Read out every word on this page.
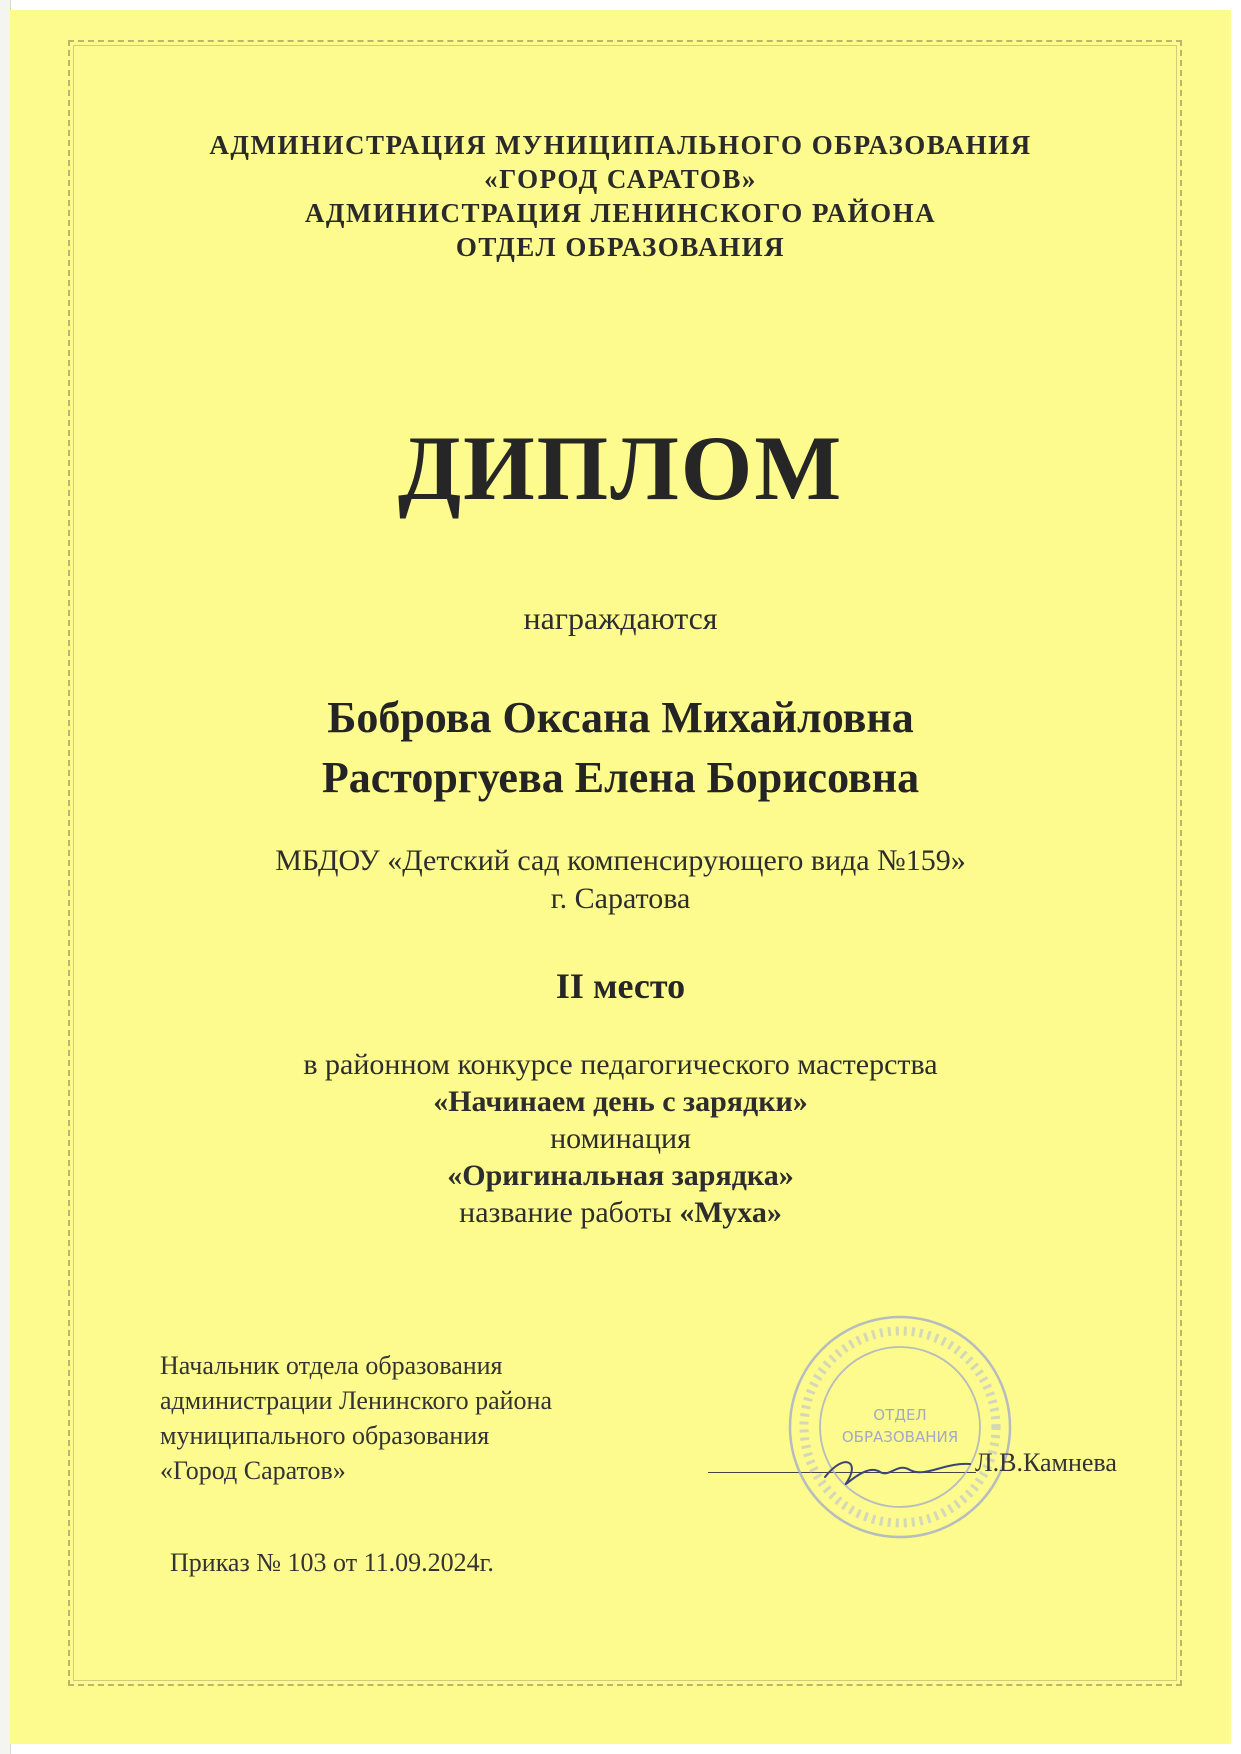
АДМИНИСТРАЦИЯ МУНИЦИПАЛЬНОГО ОБРАЗОВАНИЯ
«ГОРОД САРАТОВ»
АДМИНИСТРАЦИЯ ЛЕНИНСКОГО РАЙОНА
ОТДЕЛ ОБРАЗОВАНИЯ
ДИПЛОМ
награждаются
Боброва Оксана Михайловна
Расторгуева Елена Борисовна
МБДОУ «Детский сад компенсирующего вида №159»
г. Саратова
II место
в районном конкурсе педагогического мастерства
«Начинаем день с зарядки»
номинация
«Оригинальная зарядка»
название работы «Муха»
Начальник отдела образования
администрации Ленинского района
муниципального образования
«Город Саратов»
ОТДЕЛ
ОБРАЗОВАНИЯ
Л.В.Камнева
Приказ № 103 от 11.09.2024г.
